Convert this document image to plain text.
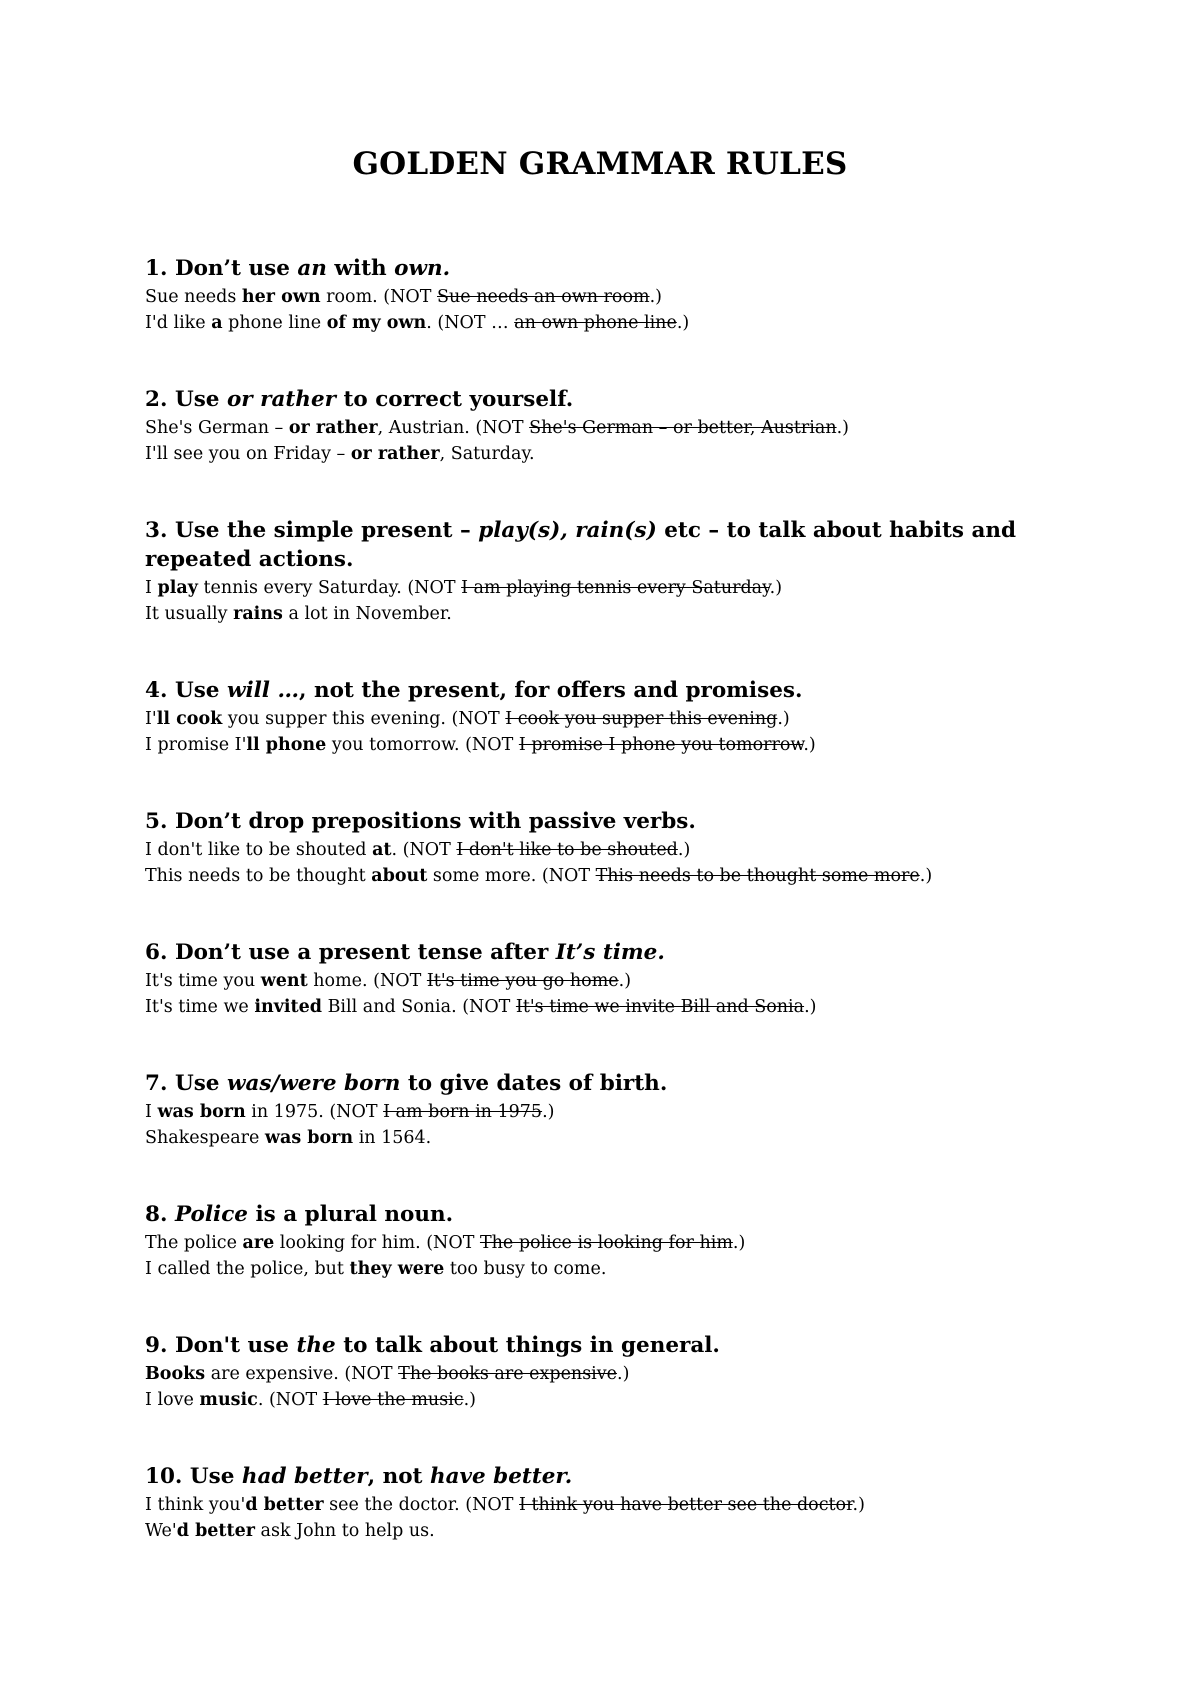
GOLDEN GRAMMAR RULES
1. Don’t use an with own.

Sue needs her own room. (NOT Sue needs an own room.)

I'd like a phone line of my own. (NOT … an own phone line.)

2. Use or rather to correct yourself.

She's German – or rather, Austrian. (NOT She's German – or better, Austrian.)

I'll see you on Friday – or rather, Saturday.

3. Use the simple present – play(s), rain(s) etc – to talk about habits and repeated actions.

I play tennis every Saturday. (NOT I am playing tennis every Saturday.)

It usually rains a lot in November.

4. Use will …, not the present, for offers and promises.

I'll cook you supper this evening. (NOT I cook you supper this evening.)

I promise I'll phone you tomorrow. (NOT I promise I phone you tomorrow.)

5. Don’t drop prepositions with passive verbs.

I don't like to be shouted at. (NOT I don't like to be shouted.)

This needs to be thought about some more. (NOT This needs to be thought some more.)

6. Don’t use a present tense after It’s time.

It's time you went home. (NOT It's time you go home.)

It's time we invited Bill and Sonia. (NOT It's time we invite Bill and Sonia.)

7. Use was/were born to give dates of birth.

I was born in 1975. (NOT I am born in 1975.)

Shakespeare was born in 1564.

8. Police is a plural noun.

The police are looking for him. (NOT The police is looking for him.)

I called the police, but they were too busy to come.

9. Don't use the to talk about things in general.

Books are expensive. (NOT The books are expensive.)

I love music. (NOT I love the music.)

10. Use had better, not have better.

I think you'd better see the doctor. (NOT I think you have better see the doctor.)

We'd better ask John to help us.
